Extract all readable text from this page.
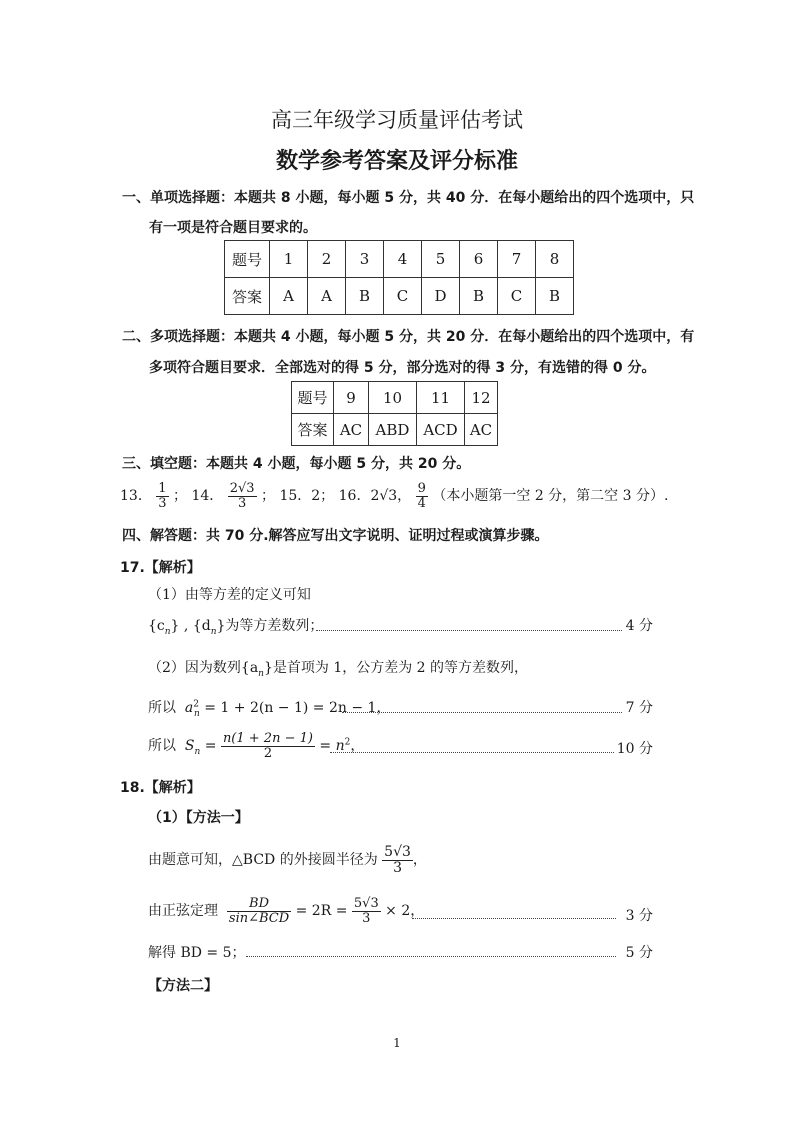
高三年级学习质量评估考试
数学参考答案及评分标准
一、单项选择题：本题共 8 小题，每小题 5 分，共 40 分．在每小题给出的四个选项中，只
有一项是符合题目要求的。
题号	1	2	3	4	5	6	7	8
答案	A	A	B	C	D	B	C	B
二、多项选择题：本题共 4 小题，每小题 5 分，共 20 分．在每小题给出的四个选项中，有
多项符合题目要求．全部选对的得 5 分，部分选对的得 3 分，有选错的得 0 分。
题号	9	10	11	12
答案	AC	ABD	ACD	AC
三、填空题：本题共 4 小题，每小题 5 分，共 20 分。
13． $\frac{1}{3}$ ； 14． $\frac{2√3}{3}$ ； 15．2； 16．2√3， $\frac{9}{4}$ （本小题第一空 2 分，第二空 3 分）.
四、解答题：共 70 分.解答应写出文字说明、证明过程或演算步骤。
17.【解析】
（1）由等方差的定义可知
$\{c_n\}$ , $\{d_n\}$为等方差数列；	4 分
（2）因为数列$\{a_n\}$是首项为 1，公方差为 2 的等方差数列，
所以 $a^2_n = 1 + 2(n - 1) = 2n - 1$，	7 分
所以 $S_n = \frac{n(1 + 2n - 1)}{2} = n^2$，	10 分
18.【解析】
（1）【方法一】
由题意可知，△BCD 的外接圆半径为 $\frac{5√3}{3}$ ，
由正弦定理 $\frac{BD}{\text{sin∠BCD}} = 2R = \frac{5√3}{3} \times 2$，	3 分
解得 BD = 5；	5 分
【方法二】
1
